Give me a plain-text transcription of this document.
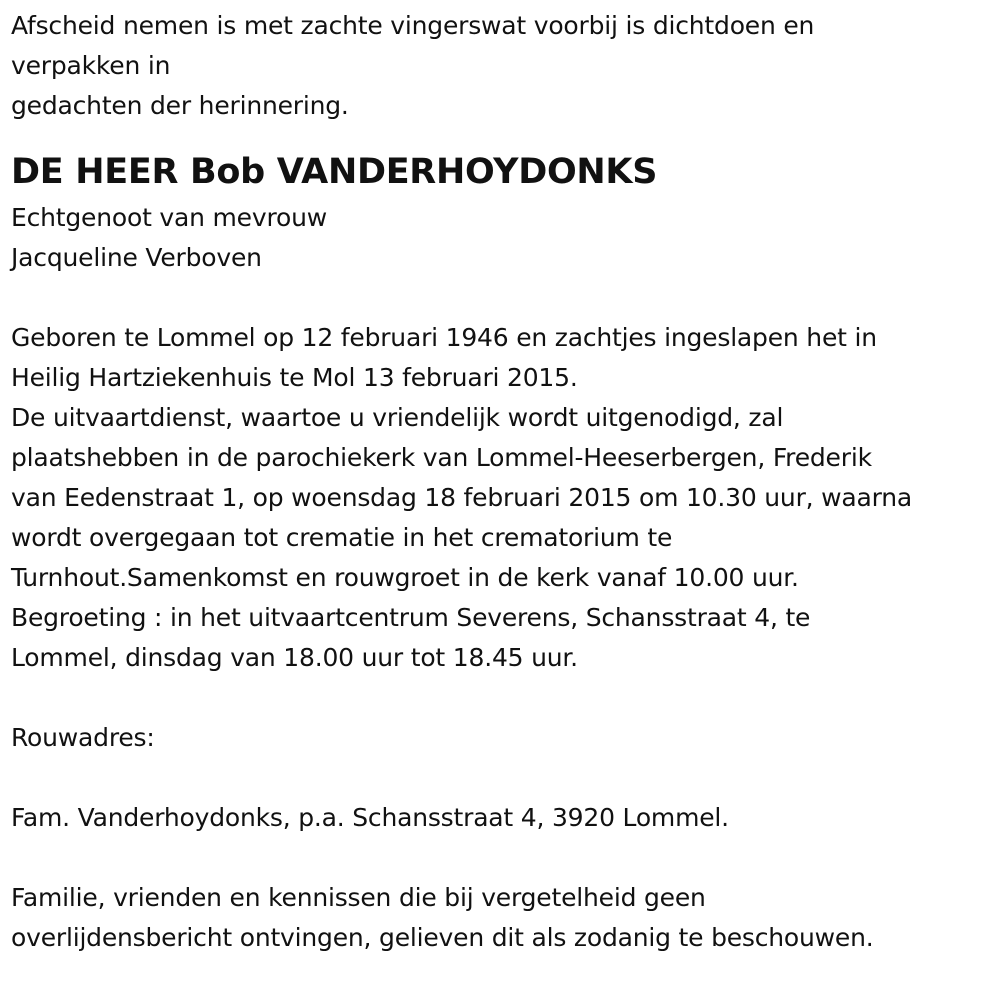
Afscheid nemen is met zachte vingerswat voorbij is dichtdoen en
verpakken in
gedachten der herinnering.
DE HEER Bob VANDERHOYDONKS
Echtgenoot van mevrouw
Jacqueline Verboven
Geboren te Lommel op 12 februari 1946 en zachtjes ingeslapen het in
Heilig Hartziekenhuis te Mol 13 februari 2015.
De uitvaartdienst, waartoe u vriendelijk wordt uitgenodigd, zal
plaatshebben in de parochiekerk van Lommel-Heeserbergen, Frederik
van Eedenstraat 1, op woensdag 18 februari 2015 om 10.30 uur, waarna
wordt overgegaan tot crematie in het crematorium te
Turnhout.Samenkomst en rouwgroet in de kerk vanaf 10.00 uur.
Begroeting : in het uitvaartcentrum Severens, Schansstraat 4, te
Lommel, dinsdag van 18.00 uur tot 18.45 uur.
Rouwadres:
Fam. Vanderhoydonks, p.a. Schansstraat 4, 3920 Lommel.
Familie, vrienden en kennissen die bij vergetelheid geen
overlijdensbericht ontvingen, gelieven dit als zodanig te beschouwen.
